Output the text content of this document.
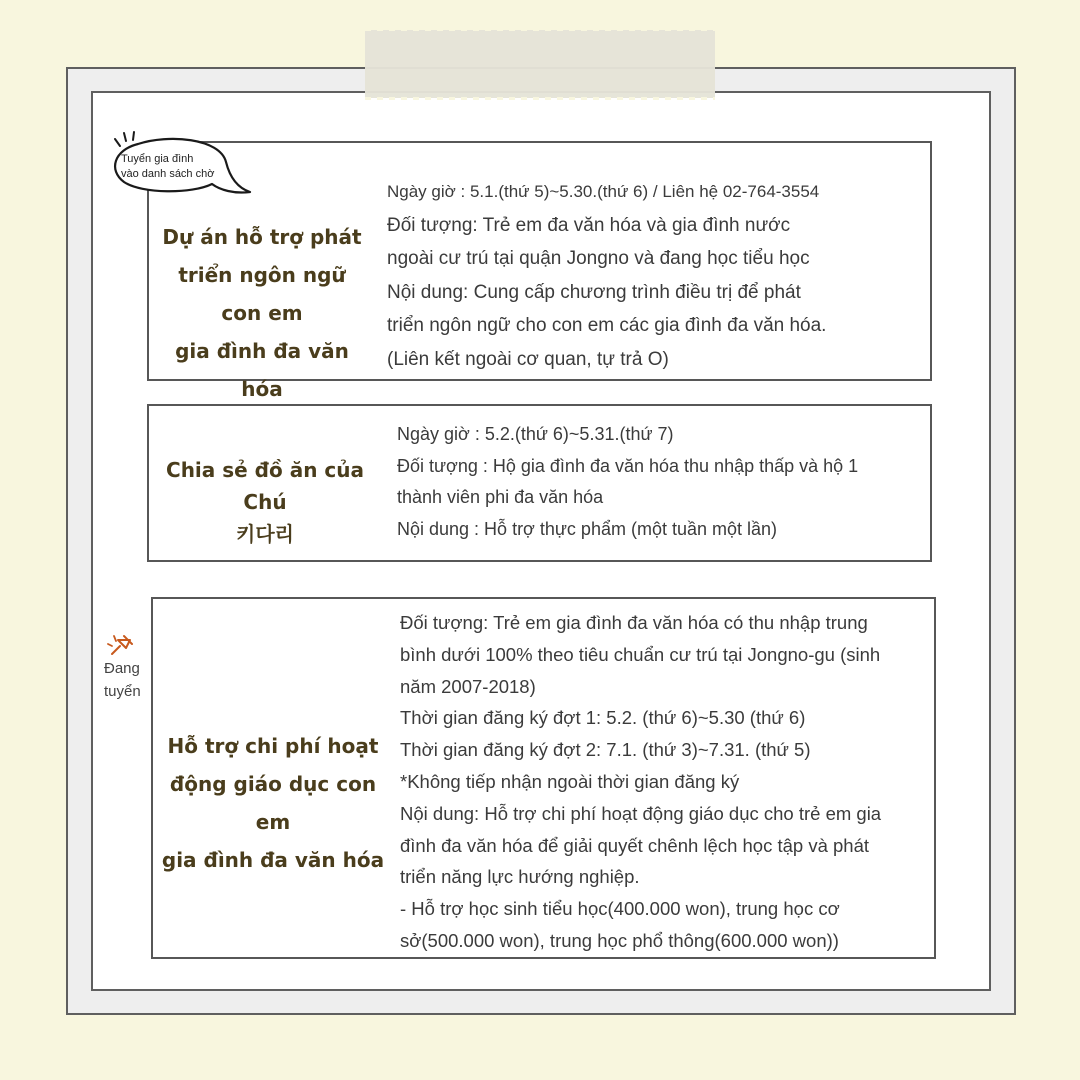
Dự án hỗ trợ phát
triển ngôn ngữ con em
gia đình đa văn hóa
Ngày giờ : 5.1.(thứ 5)~5.30.(thứ 6) / Liên hệ 02-764-3554
Đối tượng: Trẻ em đa văn hóa và gia đình nước
ngoài cư trú tại quận Jongno và đang học tiểu học
Nội dung: Cung cấp chương trình điều trị để phát
triển ngôn ngữ cho con em các gia đình đa văn hóa.
(Liên kết ngoài cơ quan, tự trả O)
Chia sẻ đồ ăn của Chú
키다리
Ngày giờ : 5.2.(thứ 6)~5.31.(thứ 7)
Đối tượng : Hộ gia đình đa văn hóa thu nhập thấp và hộ 1
thành viên phi đa văn hóa
Nội dung : Hỗ trợ thực phẩm (một tuần một lần)
Hỗ trợ chi phí hoạt
động giáo dục con em
gia đình đa văn hóa
Đối tượng: Trẻ em gia đình đa văn hóa có thu nhập trung
bình dưới 100% theo tiêu chuẩn cư trú tại Jongno-gu (sinh
năm 2007-2018)
Thời gian đăng ký đợt 1: 5.2. (thứ 6)~5.30 (thứ 6)
Thời gian đăng ký đợt 2: 7.1. (thứ 3)~7.31. (thứ 5)
*Không tiếp nhận ngoài thời gian đăng ký
Nội dung: Hỗ trợ chi phí hoạt động giáo dục cho trẻ em gia
đình đa văn hóa để giải quyết chênh lệch học tập và phát
triển năng lực hướng nghiệp.
- Hỗ trợ học sinh tiểu học(400.000 won), trung học cơ
sở(500.000 won), trung học phổ thông(600.000 won))
Tuyển gia đình
vào danh sách chờ
Đang
tuyển
